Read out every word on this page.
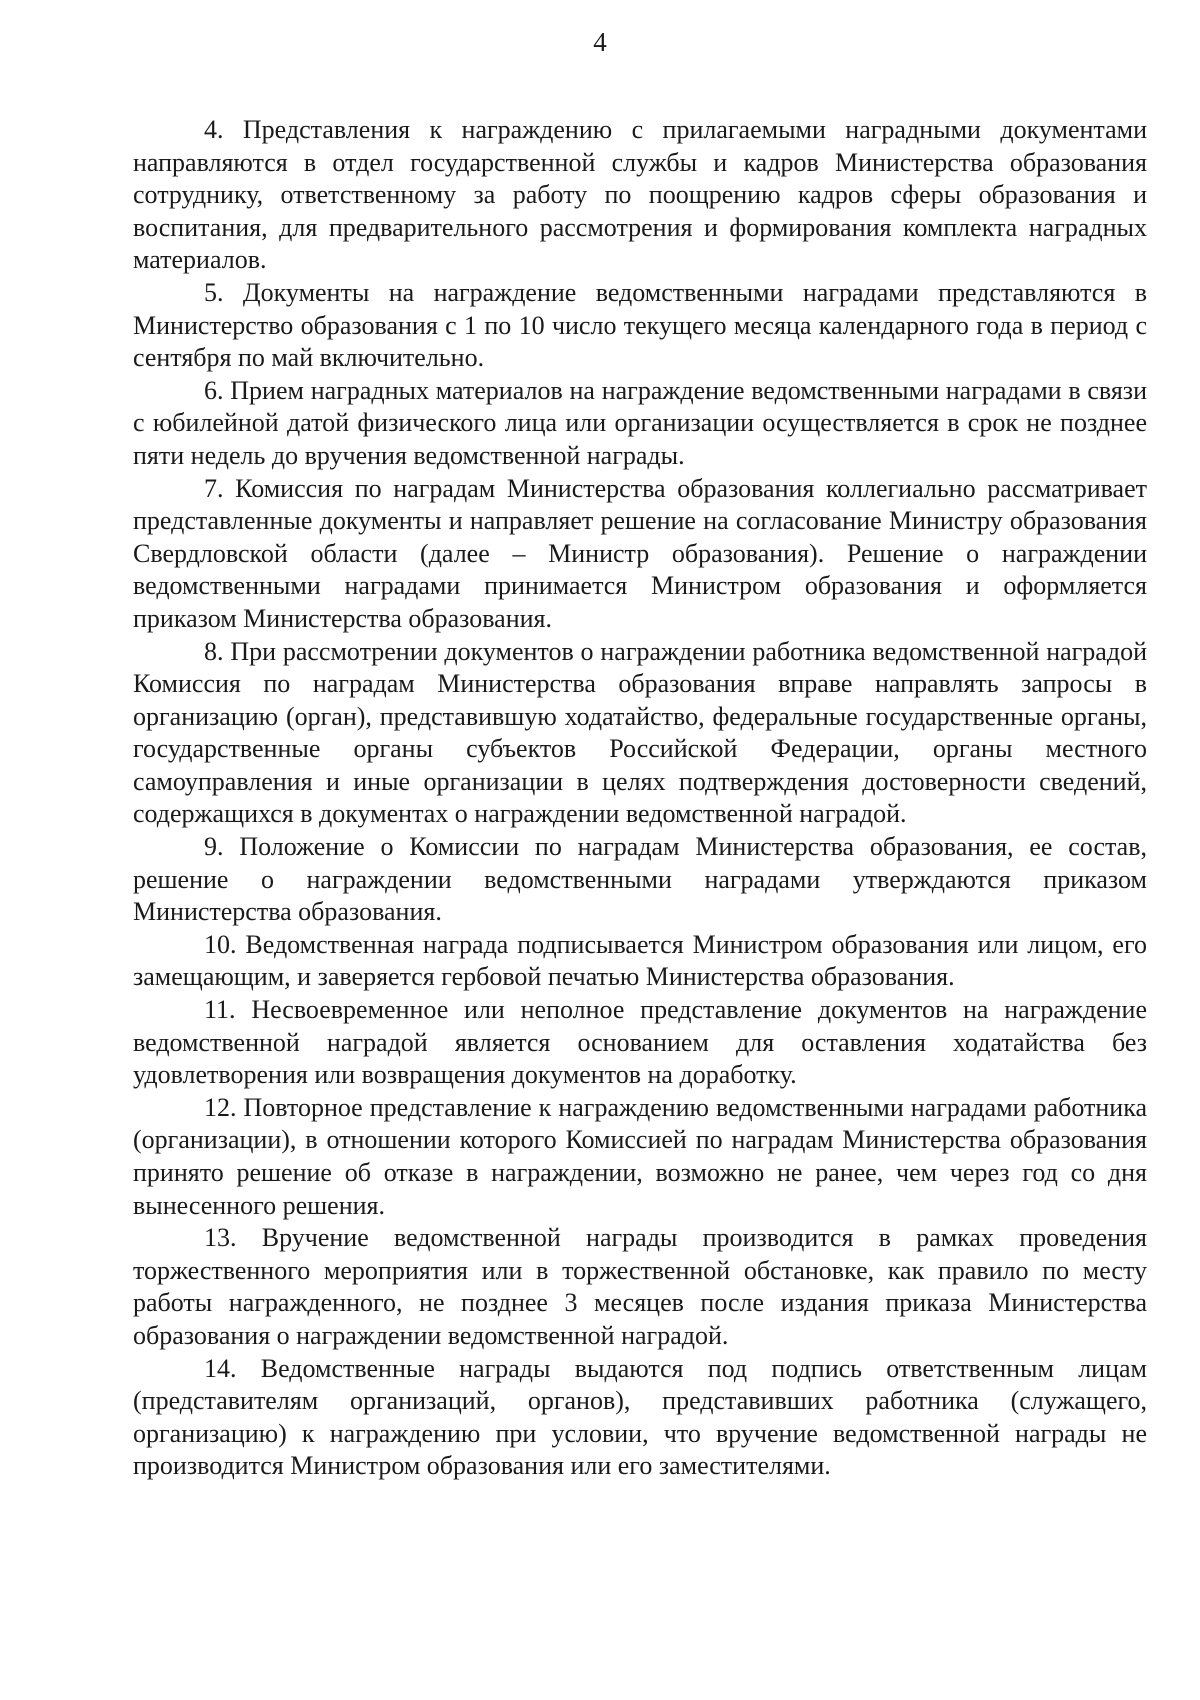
4

4. Представления к награждению с прилагаемыми наградными документами направляются в отдел государственной службы и кадров Министерства образования сотруднику, ответственному за работу по поощрению кадров сферы образования и воспитания, для предварительного рассмотрения и формирования комплекта наградных материалов.

5. Документы на награждение ведомственными наградами представляются в Министерство образования с 1 по 10 число текущего месяца календарного года в период с сентября по май включительно.

6. Прием наградных материалов на награждение ведомственными наградами в связи с юбилейной датой физического лица или организации осуществляется в срок не позднее пяти недель до вручения ведомственной награды.

7. Комиссия по наградам Министерства образования коллегиально рассматривает представленные документы и направляет решение на согласование Министру образования Свердловской области (далее – Министр образования). Решение о награждении ведомственными наградами принимается Министром образования и оформляется приказом Министерства образования.

8. При рассмотрении документов о награждении работника ведомственной наградой Комиссия по наградам Министерства образования вправе направлять запросы в организацию (орган), представившую ходатайство, федеральные государственные органы, государственные органы субъектов Российской Федерации, органы местного самоуправления и иные организации в целях подтверждения достоверности сведений, содержащихся в документах о награждении ведомственной наградой.

9. Положение о Комиссии по наградам Министерства образования, ее состав, решение о награждении ведомственными наградами утверждаются приказом Министерства образования.

10. Ведомственная награда подписывается Министром образования или лицом, его замещающим, и заверяется гербовой печатью Министерства образования.

11. Несвоевременное или неполное представление документов на награждение ведомственной наградой является основанием для оставления ходатайства без удовлетворения или возвращения документов на доработку.

12. Повторное представление к награждению ведомственными наградами работника (организации), в отношении которого Комиссией по наградам Министерства образования принято решение об отказе в награждении, возможно не ранее, чем через год со дня вынесенного решения.

13. Вручение ведомственной награды производится в рамках проведения торжественного мероприятия или в торжественной обстановке, как правило по месту работы награжденного, не позднее 3 месяцев после издания приказа Министерства образования о награждении ведомственной наградой.

14. Ведомственные награды выдаются под подпись ответственным лицам (представителям организаций, органов), представивших работника (служащего, организацию) к награждению при условии, что вручение ведомственной награды не производится Министром образования или его заместителями.
